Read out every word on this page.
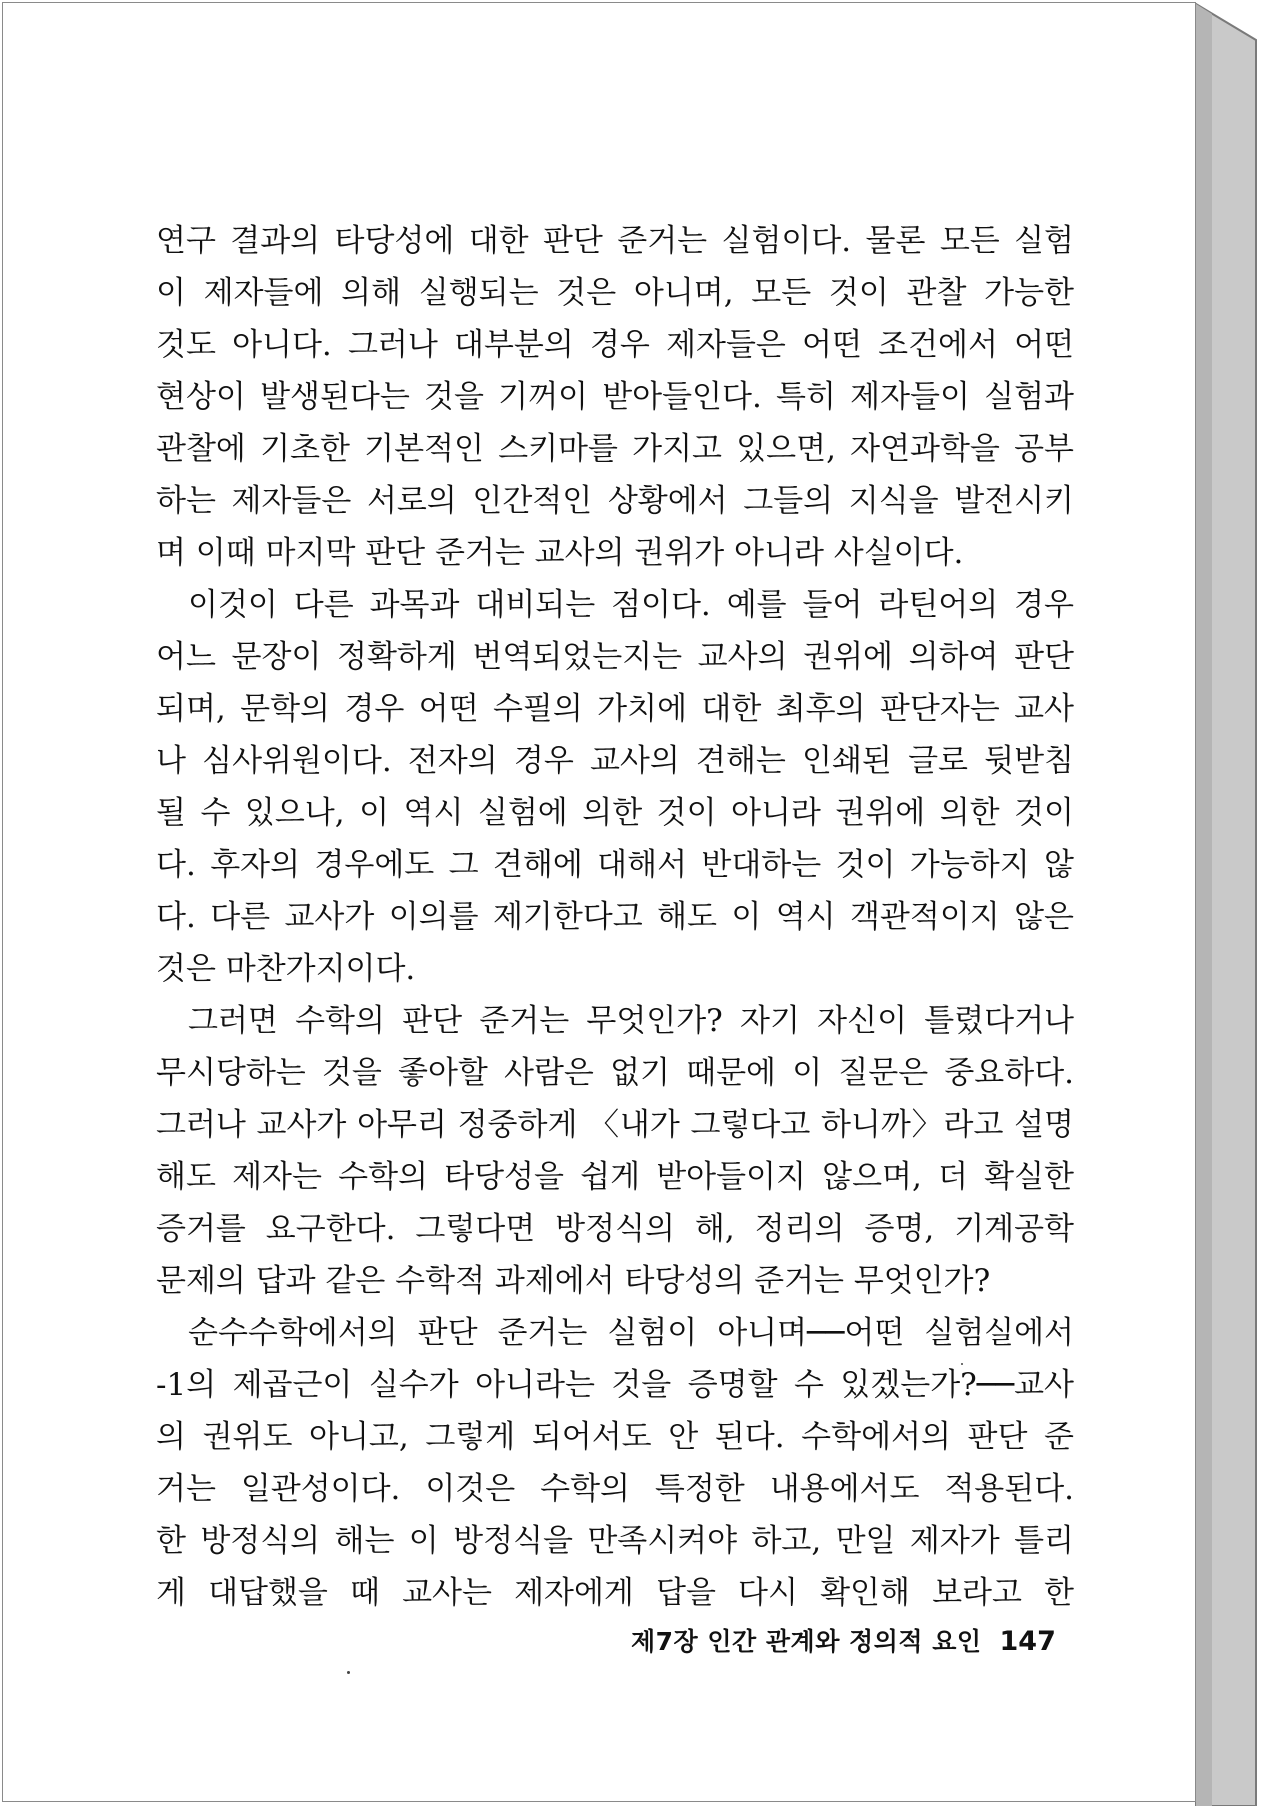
연구 결과의 타당성에 대한 판단 준거는 실험이다. 물론 모든 실험
이 제자들에 의해 실행되는 것은 아니며, 모든 것이 관찰 가능한
것도 아니다. 그러나 대부분의 경우 제자들은 어떤 조건에서 어떤
현상이 발생된다는 것을 기꺼이 받아들인다. 특히 제자들이 실험과
관찰에 기초한 기본적인 스키마를 가지고 있으면, 자연과학을 공부
하는 제자들은 서로의 인간적인 상황에서 그들의 지식을 발전시키
며 이때 마지막 판단 준거는 교사의 권위가 아니라 사실이다.
이것이 다른 과목과 대비되는 점이다. 예를 들어 라틴어의 경우
어느 문장이 정확하게 번역되었는지는 교사의 권위에 의하여 판단
되며, 문학의 경우 어떤 수필의 가치에 대한 최후의 판단자는 교사
나 심사위원이다. 전자의 경우 교사의 견해는 인쇄된 글로 뒷받침
될 수 있으나, 이 역시 실험에 의한 것이 아니라 권위에 의한 것이
다. 후자의 경우에도 그 견해에 대해서 반대하는 것이 가능하지 않
다. 다른 교사가 이의를 제기한다고 해도 이 역시 객관적이지 않은
것은 마찬가지이다.
그러면 수학의 판단 준거는 무엇인가? 자기 자신이 틀렸다거나
무시당하는 것을 좋아할 사람은 없기 때문에 이 질문은 중요하다.
그러나 교사가 아무리 정중하게 〈내가 그렇다고 하니까〉라고 설명
해도 제자는 수학의 타당성을 쉽게 받아들이지 않으며, 더 확실한
증거를 요구한다. 그렇다면 방정식의 해, 정리의 증명, 기계공학
문제의 답과 같은 수학적 과제에서 타당성의 준거는 무엇인가?
순수수학에서의 판단 준거는 실험이 아니며──어떤 실험실에서
-1의 제곱근이 실수가 아니라는 것을 증명할 수 있겠는가?──교사
의 권위도 아니고, 그렇게 되어서도 안 된다. 수학에서의 판단 준
거는 일관성이다. 이것은 수학의 특정한 내용에서도 적용된다.
한 방정식의 해는 이 방정식을 만족시켜야 하고, 만일 제자가 틀리
게 대답했을 때 교사는 제자에게 답을 다시 확인해 보라고 한
제7장 인간 관계와 정의적 요인 147
